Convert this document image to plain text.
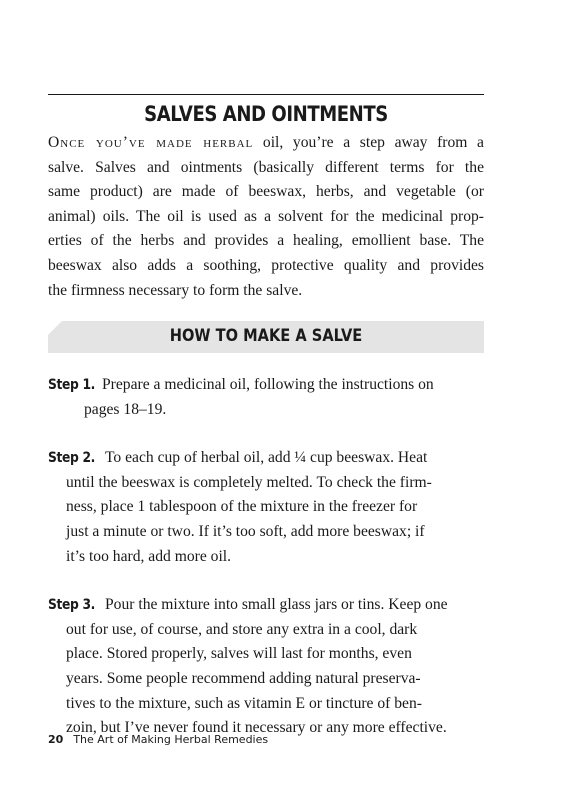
SALVES AND OINTMENTS
Once you’ve made herbal oil, you’re a step away from a
salve. Salves and ointments (basically different terms for the
same product) are made of beeswax, herbs, and vegetable (or
animal) oils. The oil is used as a solvent for the medicinal prop-
erties of the herbs and provides a healing, emollient base. The
beeswax also adds a soothing, protective quality and provides
the firmness necessary to form the salve.
HOW TO MAKE A SALVE
Step 1. Prepare a medicinal oil, following the instructions on
pages 18–19.
Step 2. To each cup of herbal oil, add ¼ cup beeswax. Heat
until the beeswax is completely melted. To check the firm-
ness, place 1 tablespoon of the mixture in the freezer for
just a minute or two. If it’s too soft, add more beeswax; if
it’s too hard, add more oil.
Step 3. Pour the mixture into small glass jars or tins. Keep one
out for use, of course, and store any extra in a cool, dark
place. Stored properly, salves will last for months, even
years. Some people recommend adding natural preserva-
tives to the mixture, such as vitamin E or tincture of ben-
zoin, but I’ve never found it necessary or any more effective.
20 The Art of Making Herbal Remedies
